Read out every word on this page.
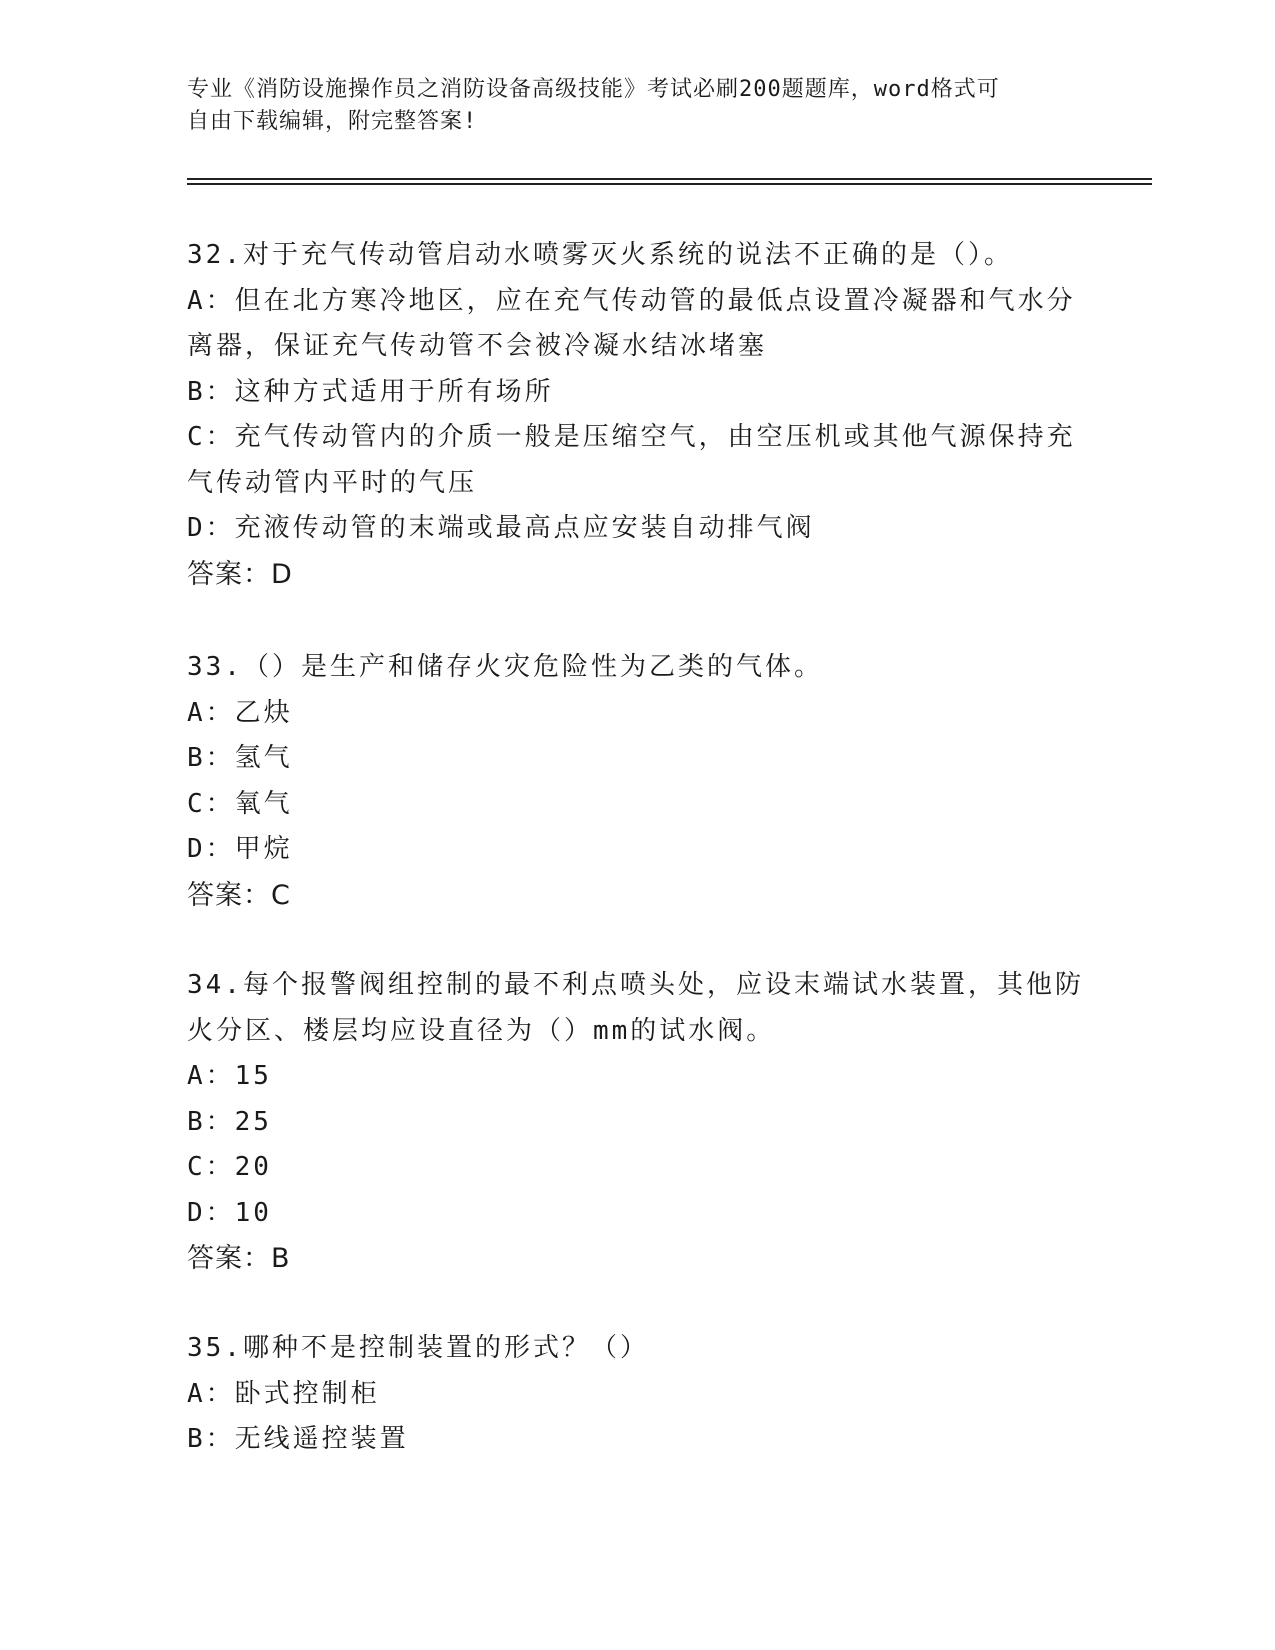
专业《消防设施操作员之消防设备高级技能》考试必刷200题题库，word格式可
自由下载编辑，附完整答案!

32.对于充气传动管启动水喷雾灭火系统的说法不正确的是（）。

A：但在北方寒冷地区，应在充气传动管的最低点设置冷凝器和气水分

离器，保证充气传动管不会被冷凝水结冰堵塞

B：这种方式适用于所有场所

C：充气传动管内的介质一般是压缩空气，由空压机或其他气源保持充

气传动管内平时的气压

D：充液传动管的末端或最高点应安装自动排气阀

答案：D

33.（）是生产和储存火灾危险性为乙类的气体。

A：乙炔

B：氢气

C：氧气

D：甲烷

答案：C

34.每个报警阀组控制的最不利点喷头处，应设末端试水装置，其他防

火分区、楼层均应设直径为（）mm的试水阀。

A：15

B：25

C：20

D：10

答案：B

35.哪种不是控制装置的形式？（）

A：卧式控制柜

B：无线遥控装置
